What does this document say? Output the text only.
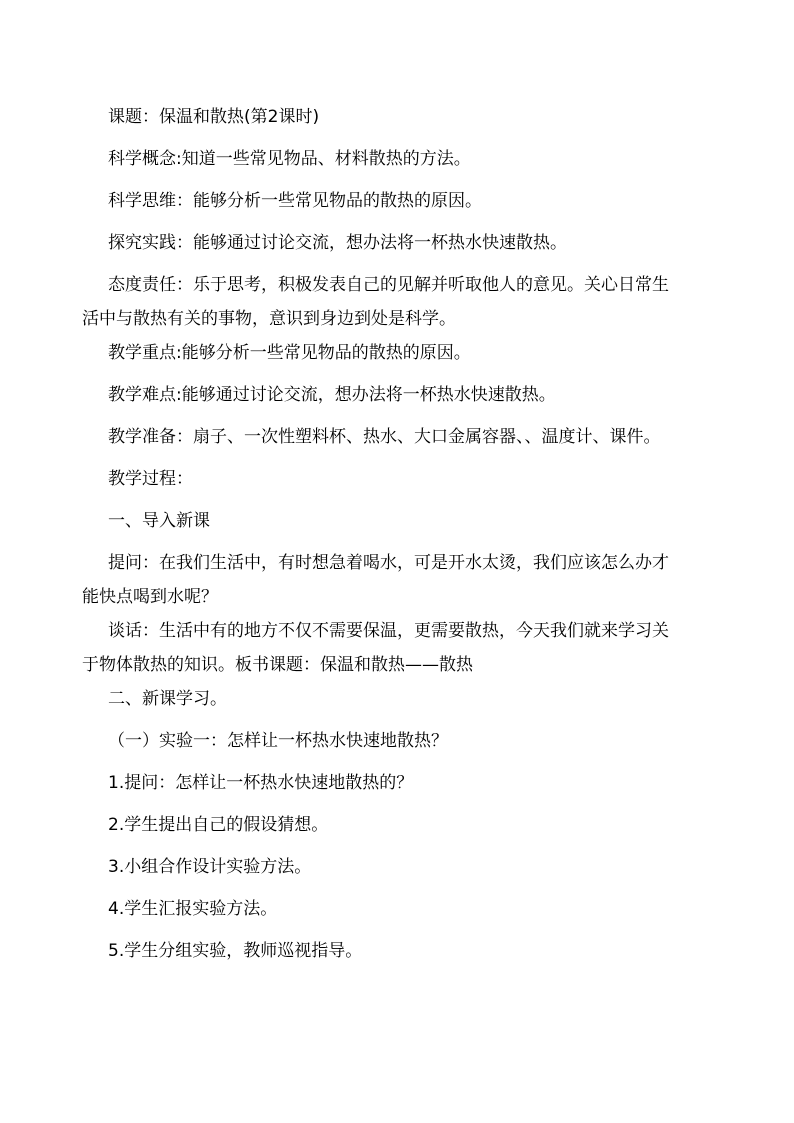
课题：保温和散热(第2课时)

科学概念:知道一些常见物品、材料散热的方法。

科学思维：能够分析一些常见物品的散热的原因。

探究实践：能够通过讨论交流，想办法将一杯热水快速散热。

态度责任：乐于思考，积极发表自己的见解并听取他人的意见。关心日常生
活中与散热有关的事物，意识到身边到处是科学。

教学重点:能够分析一些常见物品的散热的原因。

教学难点:能够通过讨论交流，想办法将一杯热水快速散热。

教学准备：扇子、一次性塑料杯、热水、大口金属容器、、温度计、课件。

教学过程：

一、导入新课

提问：在我们生活中，有时想急着喝水，可是开水太烫，我们应该怎么办才
能快点喝到水呢？
谈话：生活中有的地方不仅不需要保温，更需要散热，今天我们就来学习关
于物体散热的知识。板书课题：保温和散热——散热

二、新课学习。

（一）实验一：怎样让一杯热水快速地散热？

1.提问：怎样让一杯热水快速地散热的？

2.学生提出自己的假设猜想。

3.小组合作设计实验方法。

4.学生汇报实验方法。

5.学生分组实验，教师巡视指导。
